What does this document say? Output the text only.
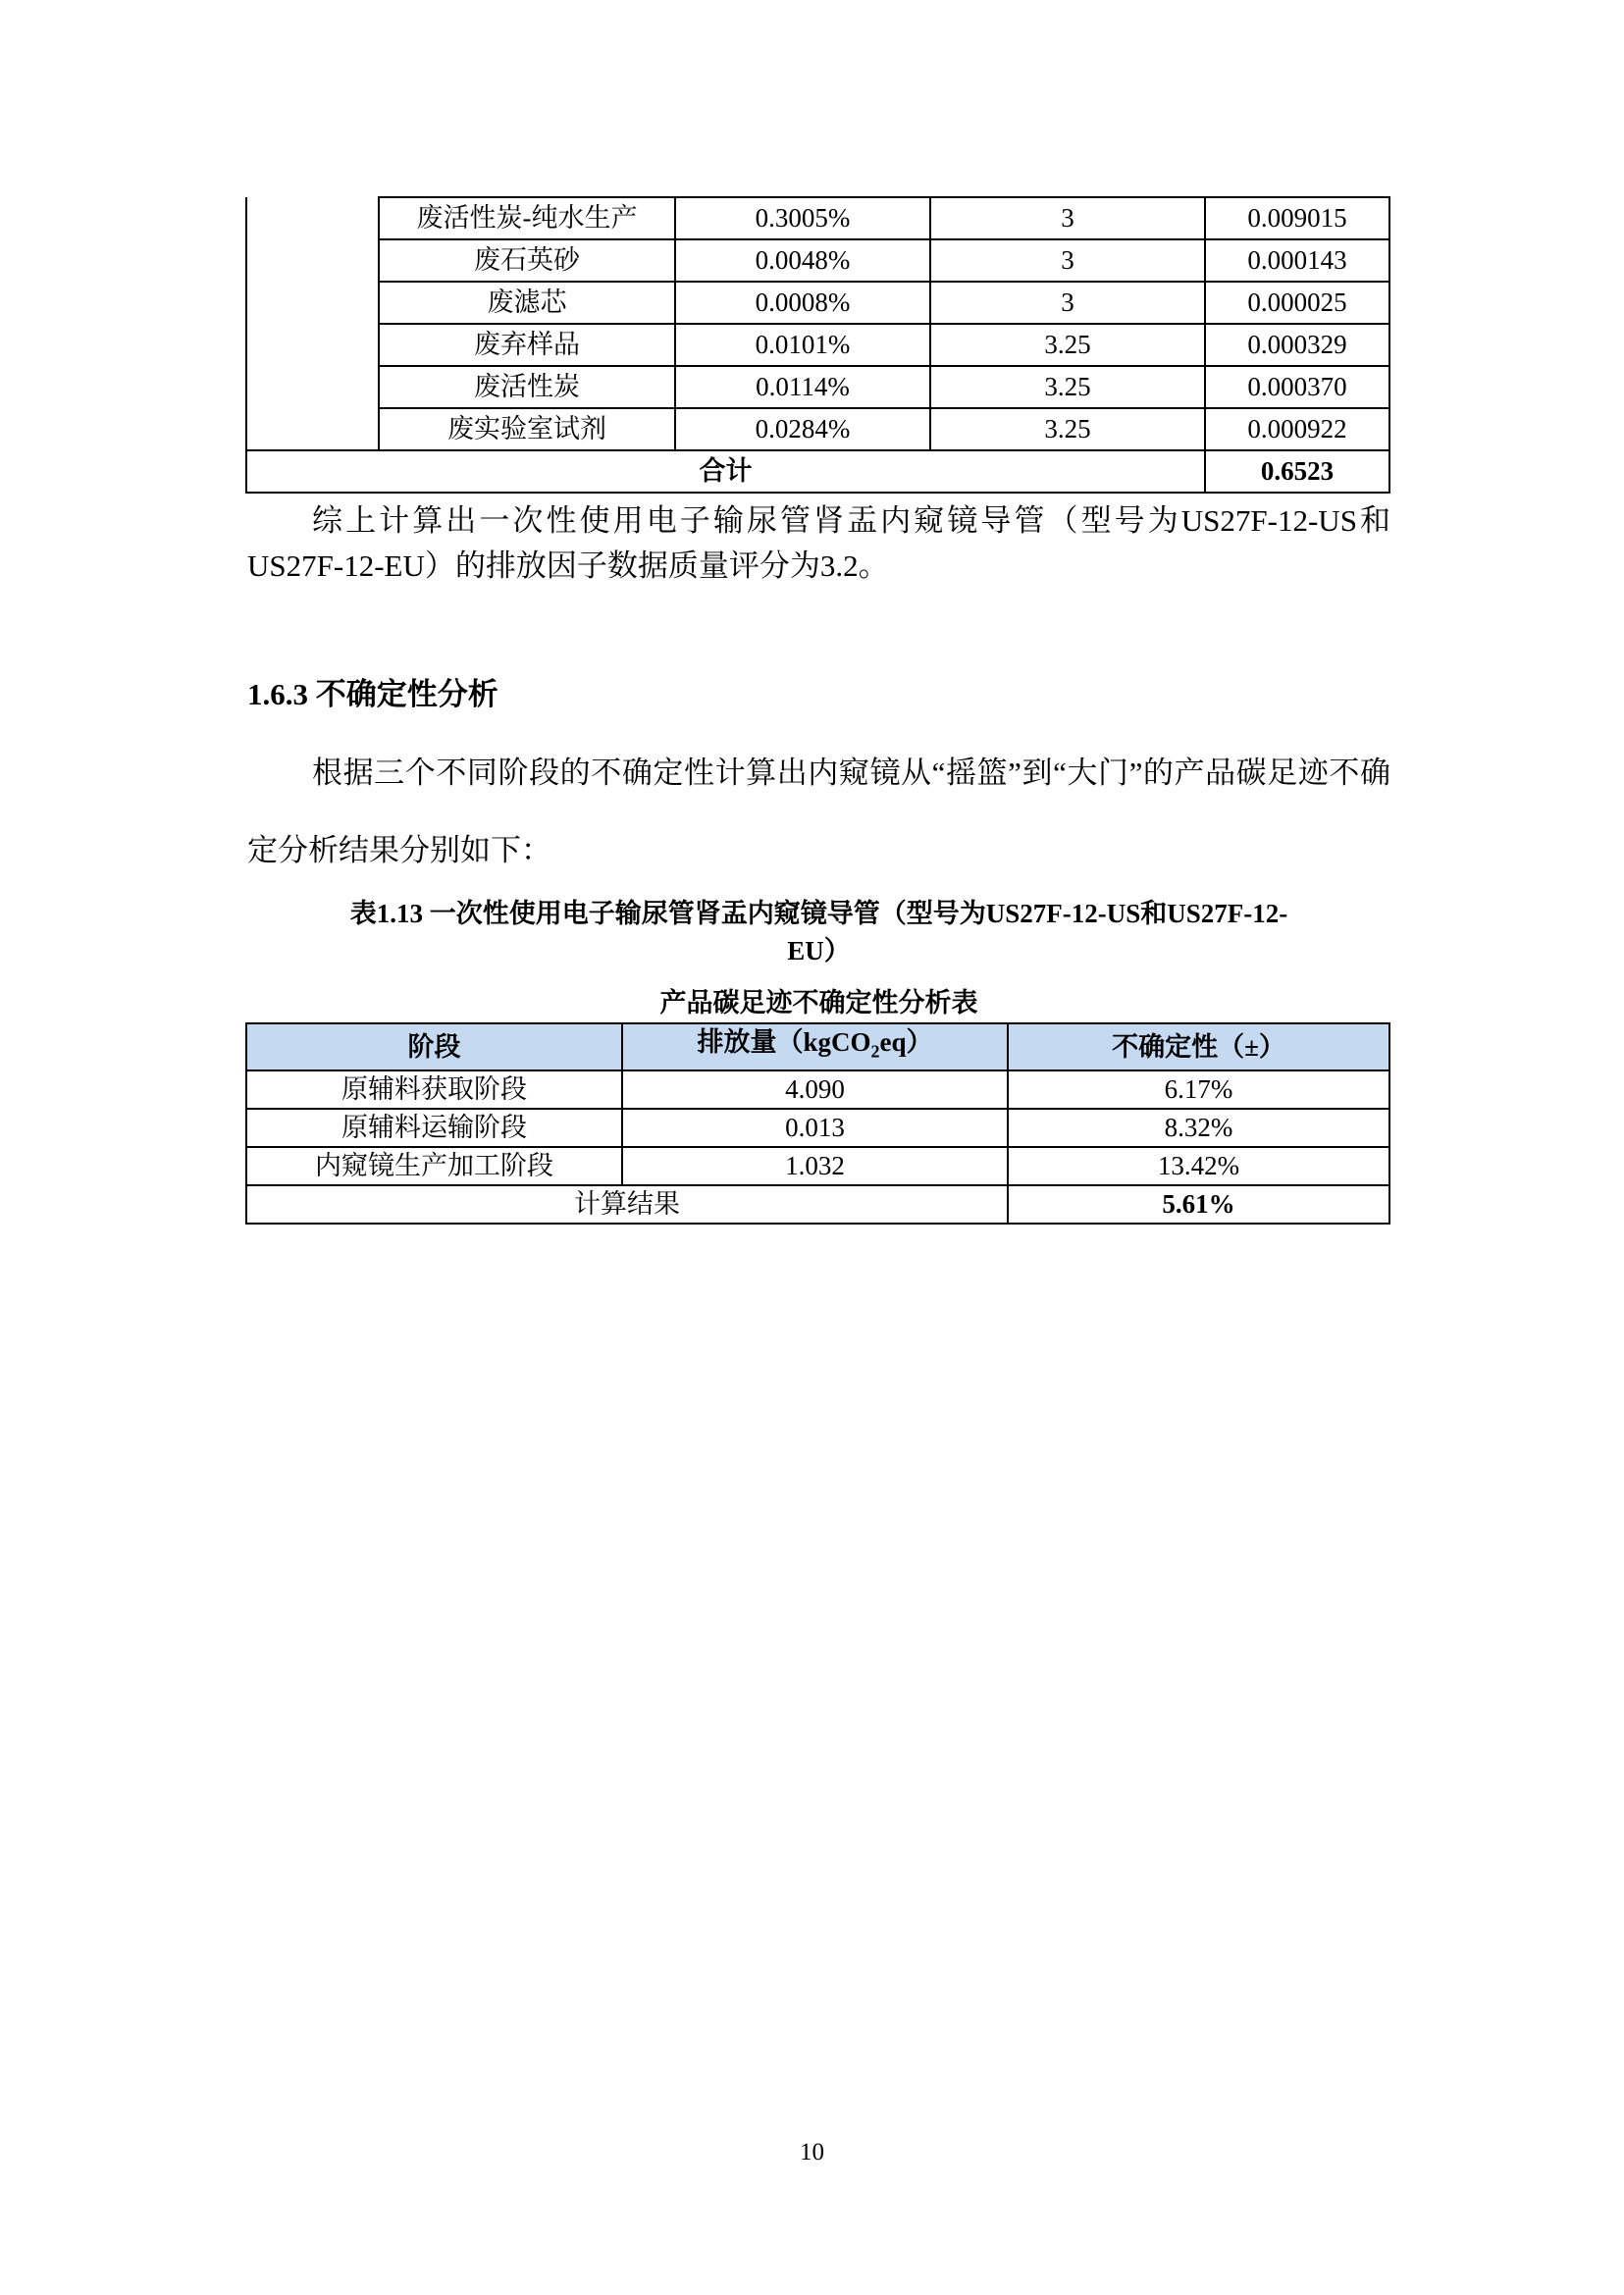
	废活性炭-纯水生产	0.3005%	3	0.009015
	废石英砂	0.0048%	3	0.000143
	废滤芯	0.0008%	3	0.000025
	废弃样品	0.0101%	3.25	0.000329
	废活性炭	0.0114%	3.25	0.000370
	废实验室试剂	0.0284%	3.25	0.000922
合计				0.6523

综上计算出一次性使用电子输尿管肾盂内窥镜导管（型号为US27F-12-US和US27F-12-EU）的排放因子数据质量评分为3.2。

1.6.3 不确定性分析

根据三个不同阶段的不确定性计算出内窥镜从“摇篮”到“大门”的产品碳足迹不确定分析结果分别如下：

表1.13 一次性使用电子输尿管肾盂内窥镜导管（型号为US27F-12-US和US27F-12-
EU）
产品碳足迹不确定性分析表
阶段	排放量（kgCO$_2$eq）	不确定性（±）
原辅料获取阶段	4.090	6.17%
原辅料运输阶段	0.013	8.32%
内窥镜生产加工阶段	1.032	13.42%
计算结果		5.61%
10
